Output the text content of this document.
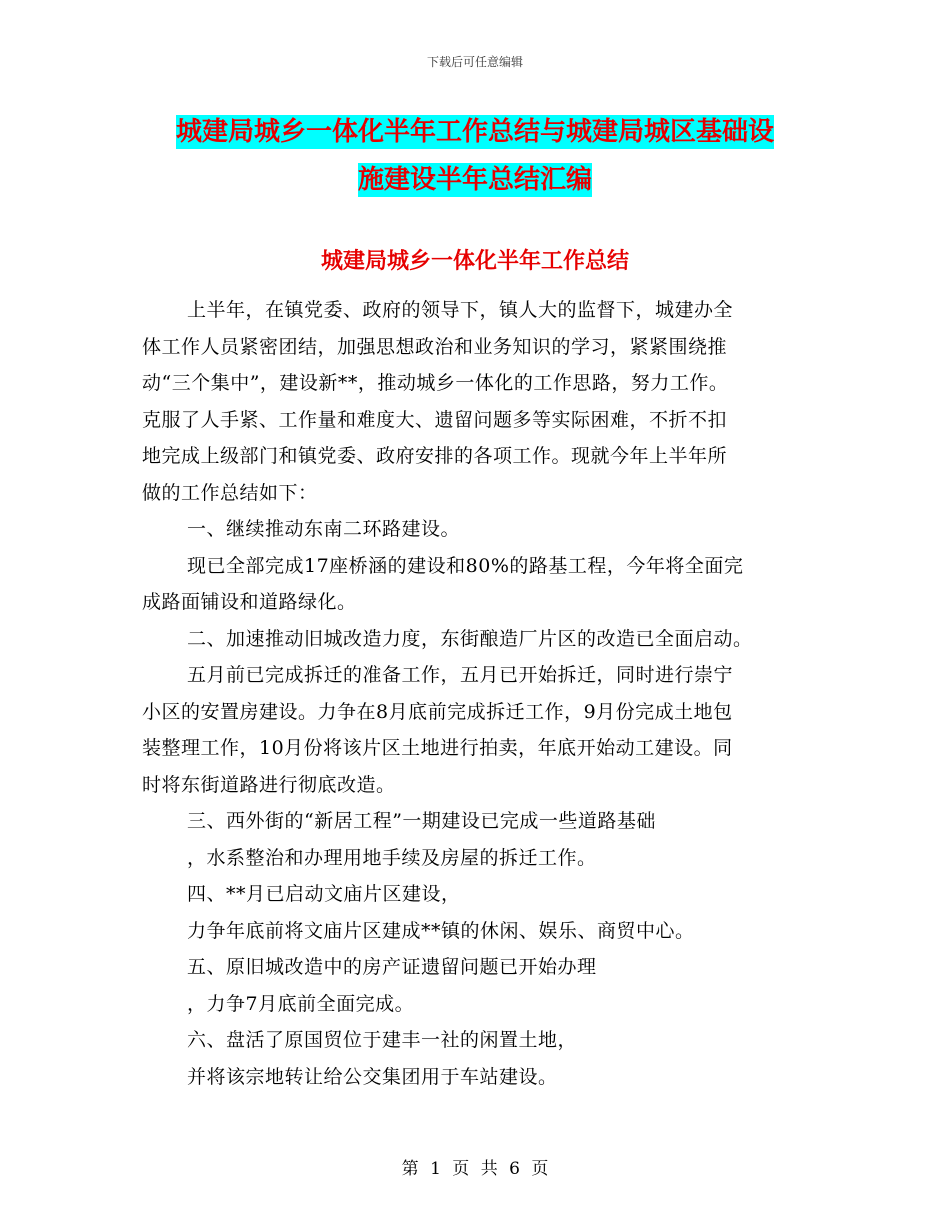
下载后可任意编辑
城建局城乡一体化半年工作总结与城建局城区基础设
施建设半年总结汇编
城建局城乡一体化半年工作总结

上半年，在镇党委、政府的领导下，镇人大的监督下，城建办全

体工作人员紧密团结，加强思想政治和业务知识的学习，紧紧围绕推

动“三个集中”，建设新**，推动城乡一体化的工作思路，努力工作。

克服了人手紧、工作量和难度大、遗留问题多等实际困难，不折不扣

地完成上级部门和镇党委、政府安排的各项工作。现就今年上半年所

做的工作总结如下：

一、继续推动东南二环路建设。

现已全部完成17座桥涵的建设和80%的路基工程，今年将全面完

成路面铺设和道路绿化。

二、加速推动旧城改造力度，东街酿造厂片区的改造已全面启动。

五月前已完成拆迁的准备工作，五月已开始拆迁，同时进行崇宁

小区的安置房建设。力争在8月底前完成拆迁工作，9月份完成土地包

装整理工作，10月份将该片区土地进行拍卖，年底开始动工建设。同

时将东街道路进行彻底改造。

三、西外街的“新居工程”一期建设已完成一些道路基础

，水系整治和办理用地手续及房屋的拆迁工作。

四、**月已启动文庙片区建设，

力争年底前将文庙片区建成**镇的休闲、娱乐、商贸中心。

五、原旧城改造中的房产证遗留问题已开始办理

，力争7月底前全面完成。

六、盘活了原国贸位于建丰一社的闲置土地，

并将该宗地转让给公交集团用于车站建设。

第 1 页 共 6 页
